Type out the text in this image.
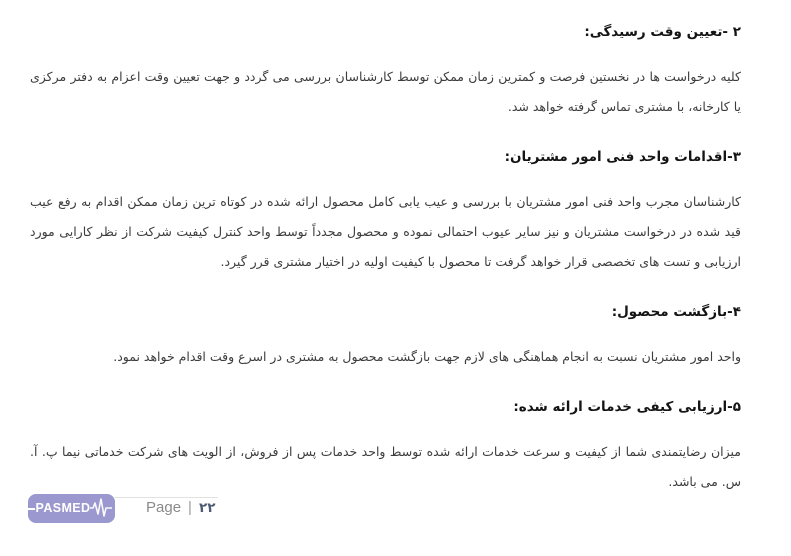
۲ -تعیین وقت رسیدگی:
کلیه درخواست ها در نخستین فرصت و کمترین زمان ممکن توسط کارشناسان بررسی می گردد و جهت تعیین وقت اعزام به دفتر مرکزی یا کارخانه، با مشتری تماس گرفته خواهد شد.
۳-اقدامات واحد فنی امور مشتریان:
کارشناسان مجرب واحد فنی امور مشتریان با بررسی و عیب یابی کامل محصول ارائه شده در کوتاه ترین زمان ممکن اقدام به رفع عیب قید شده در درخواست مشتریان و نیز سایر عیوب احتمالی نموده و محصول مجدداً توسط واحد کنترل کیفیت شرکت از نظر کارایی مورد ارزیابی و تست های تخصصی قرار خواهد گرفت تا محصول با کیفیت اولیه در اختیار مشتری قرر گیرد.
۴-بازگشت محصول:
واحد امور مشتریان نسبت به انجام هماهنگی های لازم جهت بازگشت محصول به مشتری در اسرع وقت اقدام خواهد نمود.
۵-ارزیابی کیفی خدمات ارائه شده:
میزان رضایتمندی شما از کیفیت و سرعت خدمات ارائه شده توسط واحد خدمات پس از فروش، از الویت های شرکت خدماتی نیما پ. آ. س. می باشد.
PASMED	Page | ۲۲
